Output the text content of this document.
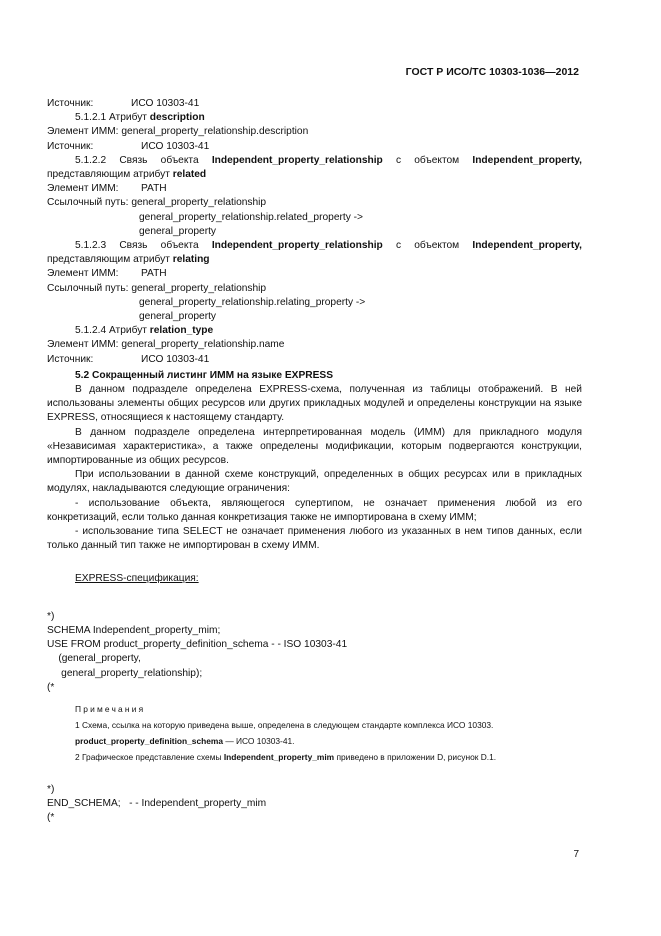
ГОСТ Р ИСО/ТС 10303-1036—2012
Источник:	ИСО 10303-41
5.1.2.1 Атрибут description
Элемент ИММ: general_property_relationship.description
Источник:	ИСО 10303-41
5.1.2.2 Связь объекта Independent_property_relationship с объектом Independent_property,
представляющим атрибут related
Элемент ИММ: PATH
Ссылочный путь: general_property_relationship
general_property_relationship.related_property ->
general_property
5.1.2.3 Связь объекта Independent_property_relationship с объектом Independent_property,
представляющим атрибут relating
Элемент ИММ: PATH
Ссылочный путь: general_property_relationship
general_property_relationship.relating_property ->
general_property
5.1.2.4 Атрибут relation_type
Элемент ИММ: general_property_relationship.name
Источник:	ИСО 10303-41
5.2 Сокращенный листинг ИММ на языке EXPRESS
В данном подразделе определена EXPRESS-схема, полученная из таблицы отображений. В ней использованы элементы общих ресурсов или других прикладных модулей и определены конструкции на языке EXPRESS, относящиеся к настоящему стандарту.
В данном подразделе определена интерпретированная модель (ИММ) для прикладного модуля «Независимая характеристика», а также определены модификации, которым подвергаются конструкции, импортированные из общих ресурсов.
При использовании в данной схеме конструкций, определенных в общих ресурсах или в прикладных модулях, накладываются следующие ограничения:
- использование объекта, являющегося супертипом, не означает применения любой из его конкретизаций, если только данная конкретизация также не импортирована в схему ИММ;
- использование типа SELECT не означает применения любого из указанных в нем типов данных, если только данный тип также не импортирован в схему ИММ.
EXPRESS-спецификация:
*)
SCHEMA Independent_property_mim;
USE FROM product_property_definition_schema - - ISO 10303-41
(general_property,
general_property_relationship);
(*
Примечания
1 Схема, ссылка на которую приведена выше, определена в следующем стандарте комплекса ИСО 10303.
product_property_definition_schema — ИСО 10303-41.
2 Графическое представление схемы Independent_property_mim приведено в приложении D, рисунок D.1.
*)
END_SCHEMA;   - - Independent_property_mim
(*
7
